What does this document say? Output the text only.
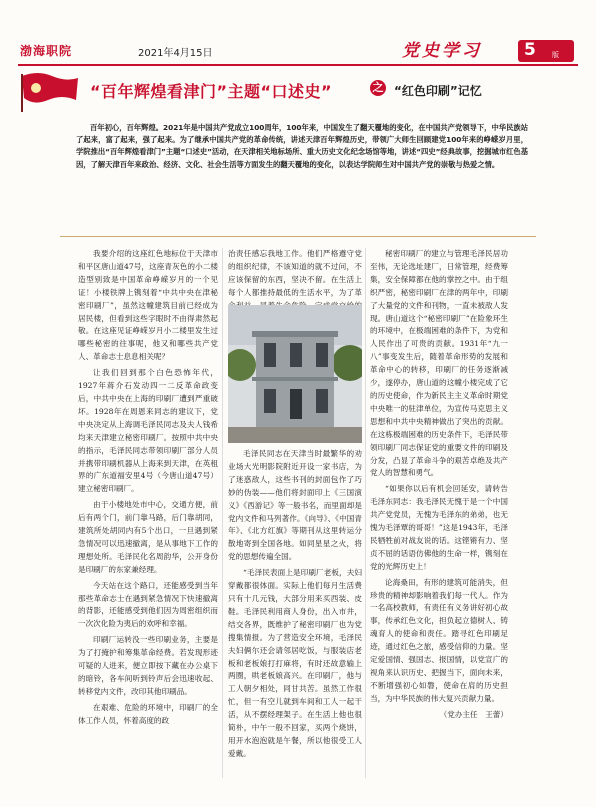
渤海职院	2021年4月15日	党史学习 5 版
“百年辉煌看津门”主题“口述史”	之 “红色印刷”记忆
百年初心，百年辉煌。2021年是中国共产党成立100周年，100年来，中国发生了翻天覆地的变化，在中国共产党领导下，中华民族站了起来，富了起来，强了起来。为了继承中国共产党的革命传统，讲述天津百年辉煌历史，带领广大师生回顾建党100年来的峥嵘岁月里，学院推出“百年辉煌看津门”主题“口述史”活动，在天津相关地标场所、重大历史文化纪念场馆等地，讲述“四史”经典故事，挖掘城市红色基因，了解天津百年来政治、经济、文化、社会生活等方面发生的翻天覆地的变化，以表达学院师生对中国共产党的崇敬与热爱之情。

我要介绍的这座红色地标位于天津市和平区唐山道47号，这座青灰色的小二楼造型别致是中国革命峥嵘岁月的一个见证！小楼铁牌上镌刻着“中共中央在津秘密印刷厂”，虽然这幢建筑目前已经成为居民楼，但看到这些字眼时不由得肃然起敬。在这座见证峥嵘岁月小二楼里发生过哪些秘密的往事呢，他又和哪些共产党人、革命志士息息相关呢？

让我们回到那个白色恐怖年代，1927年蒋介石发动四一二反革命政变后，中共中央在上海的印刷厂遭到严重破坏。1928年在周恩来同志的建议下，党中央决定从上海调毛泽民同志及夫人钱希均来天津建立秘密印刷厂。按照中共中央的指示，毛泽民同志带领印刷厂部分人员并携带印刷机器从上海来到天津，在英租界的广东道福安里4号（今唐山道47号）建立秘密印刷厂。

由于小楼地处市中心，交通方便，前后有两个门，前门靠马路，后门靠胡同，建筑所处胡同内有5个出口，一旦遇到紧急情况可以迅速撤离，是从事地下工作的理想处所。毛泽民化名周韵华，公开身份是印刷厂的东家兼经理。

今天站在这个路口，还能感受到当年那些革命志士在遇到紧急情况下快速撤离的背影，还能感受到他们因为周密组织而一次次化险为夷后的欢呼和幸福。

印刷厂运转没一些印刷业务，主要是为了打掩护和筹集革命经费。若发现形迹可疑的人进来，便立即按下藏在办公桌下的暗铃，各车间听到铃声后会迅速收起、转移党内文件，改印其他印刷品。

在艰难、危险的环境中，印刷厂的全体工作人员，怀着高度的政

治责任感忘我地工作。他们严格遵守党的组织纪律，不该知道的就不过问，不应该保留的东西，坚决不留。在生活上每个人都推持最低的生活水平，为了革

毛泽民同志在天津当时最繁华的劝业场大光明影院附近开设一家书店，为了迷惑敌人，这些书刊的封面包作了巧妙的伪装——他们将封面印上《三国演义》《西游记》等一般书名，而里面却是党内文件和马列著作。《向导》、《中国青年》、《北方红旗》等期刊从这里转运分散地寄到全国各地。如同星星之火，将党的思想传遍全国。

“毛泽民表面上是印刷厂老板，夫妇穿戴都很体面。实际上他们每月生活费只有十几元钱，大部分用来买西装、皮鞋。毛泽民利用商人身份，出入市井，结交各界，既维护了秘密印刷厂也为党搜集情报。为了营造安全环境，毛泽民夫妇俩尔还会请邻居吃饭，与服装店老板和老板娘打打麻将，有时还故意输上两圈，哄老板娘高兴。在印刷厂，他与工人朝夕相处，同甘共苦。虽然工作很忙，但一有空儿就到车间和工人一起干活，从不摆经理架子。在生活上他也很简朴，中午一般不回家，买两个烧饼，用开水泡泡就是午餐，所以他很受工人爱戴。

秘密印刷厂的建立与管理毛泽民居功至伟，无论选址建厂，日常管理，经费筹集，安全保障都在他的掌控之中。由于组织严密，秘密印刷厂在津的两年中，印刷了大量党的文件和刊物，一直未被敌人发现。唐山道这个“秘密印刷厂”在险象环生的环境中，在极端困难的条件下，为党和人民作出了可贵的贡献。1931年“九一八”事变发生后，随着革命形势的发展和革命中心的转移，印刷厂的任务逐渐减少，遂停办，唐山道的这幢小楼完成了它的历史使命，作为新民主主义革命时期党中央唯一的驻津单位，为宣传马克思主义思想和中共中央精神做出了突出的贡献。在这栋极端困难的历史条件下，毛泽民带领印刷厂同志保证党的重要文件的印刷及分发，凸显了革命斗争的艰苦卓绝及共产党人的智慧和勇气。

“如果你以后有机会回延安，请转告毛泽东同志：我毛泽民无愧于是一个中国共产党党员，无愧为毛泽东的弟弟，也无愧为毛泽覃的哥哥！”这是1943年，毛泽民牺牲前对战友说的话。这铿锵有力、坚贞不屈的话语仿佛他的生命一样，镌刻在党的光辉历史上！

论海桑田，有形的建筑可能消失，但珍贵的精神却影响着我们每一代人。作为一名高校教师，有责任有义务讲好初心故事，传承红色文化，担负起立德树人、铸魂育人的使命和责任。踏寻红色印刷足迹，通过红色之旅，感受信仰的力量。坚定爱国情、强国志、报国情，以党宣广的视角来认识历史、把握当下，面向未来，不断增强初心如磐，使命在肩的历史担当，为中华民族的伟大复兴贡献力量。

（党办主任　王蕾）
